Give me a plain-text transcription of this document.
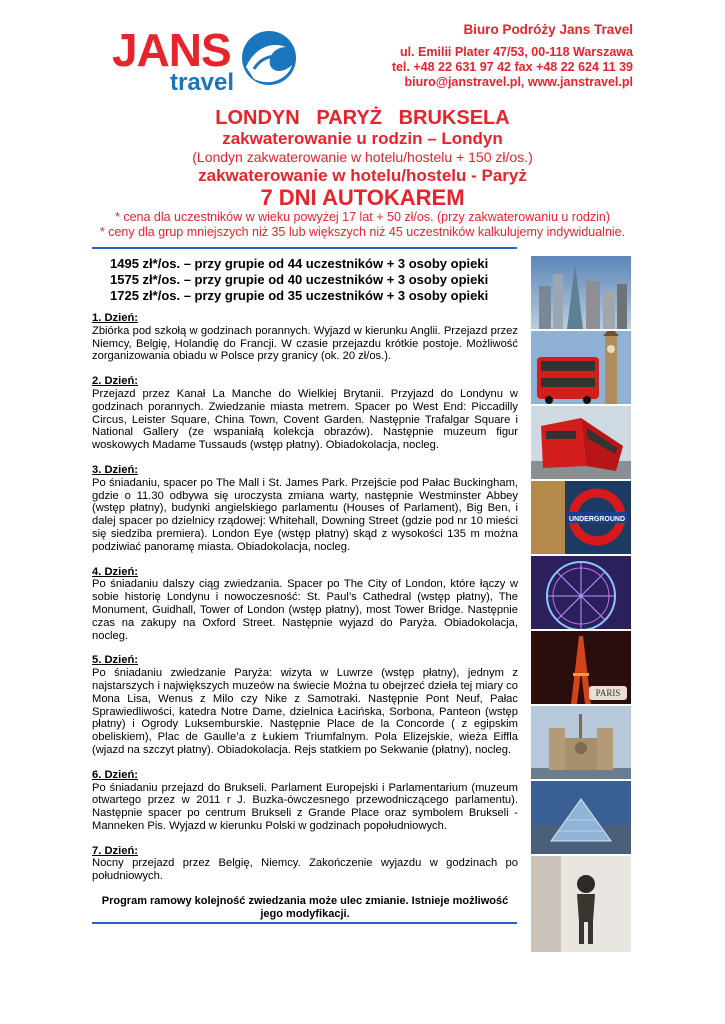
JANS
travel
Biuro Podróży Jans Travel
ul. Emilii Plater 47/53, 00-118 Warszawa
tel. +48 22 631 97 42 fax +48 22 624 11 39
biuro@janstravel.pl, www.janstravel.pl
LONDYN   PARYŻ   BRUKSELA
zakwaterowanie u rodzin – Londyn
(Londyn zakwaterowanie w hotelu/hostelu + 150 zł/os.)
zakwaterowanie w hotelu/hostelu - Paryż
7 DNI AUTOKAREM
* cena dla uczestników w wieku powyżej 17 lat + 50 zł/os. (przy zakwaterowaniu u rodzin)
* ceny dla grup mniejszych niż 35 lub większych niż 45 uczestników kalkulujemy indywidualnie.
1495 zł*/os. – przy grupie od 44 uczestników + 3 osoby opieki
1575 zł*/os. – przy grupie od 40 uczestników + 3 osoby opieki
1725 zł*/os. – przy grupie od 35 uczestników + 3 osoby opieki
1. Dzień:
Zbiórka pod szkołą w godzinach porannych. Wyjazd w kierunku Anglii. Przejazd przez Niemcy, Belgię, Holandię do Francji. W czasie przejazdu krótkie postoje. Możliwość zorganizowania obiadu w Polsce przy granicy (ok. 20 zł/os.).
2. Dzień:
Przejazd przez Kanał La Manche do Wielkiej Brytanii. Przyjazd do Londynu w godzinach porannych. Zwiedzanie miasta metrem. Spacer po West End: Piccadilly Circus, Leister Square, China Town, Covent Garden. Następnie Trafalgar Square i National Gallery (ze wspaniałą kolekcja obrazów). Następnie muzeum figur woskowych Madame Tussauds (wstęp płatny). Obiadokolacja, nocleg.
3. Dzień:
Po śniadaniu, spacer po The Mall i St. James Park. Przejście pod Pałac Buckingham, gdzie o 11.30 odbywa się uroczysta zmiana warty, następnie Westminster Abbey (wstęp płatny), budynki angielskiego parlamentu (Houses of Parlament), Big Ben, i dalej spacer po dzielnicy rządowej: Whitehall, Downing Street (gdzie pod nr 10 mieści się siedziba premiera). London Eye (wstęp płatny) skąd z wysokości 135 m można podziwiać panoramę miasta. Obiadokolacja, nocleg.
4. Dzień:
Po śniadaniu dalszy ciąg zwiedzania. Spacer po The City of London, które łączy w sobie historię Londynu i nowoczesność: St. Paul’s Cathedral (wstęp płatny), The Monument, Guidhall, Tower of London (wstęp płatny), most Tower Bridge. Następnie czas na zakupy na Oxford Street. Następnie wyjazd do Paryża. Obiadokolacja, nocleg.
5. Dzień:
Po śniadaniu zwiedzanie Paryża: wizyta w Luwrze (wstęp płatny), jednym z najstarszych i największych muzeów na świecie Można tu obejrzeć dzieła tej miary co Mona Lisa, Wenus z Milo czy Nike z Samotraki. Następnie Pont Neuf, Pałac Sprawiedliwości, katedra Notre Dame, dzielnica Łacińska, Sorbona, Panteon (wstęp płatny) i Ogrody Luksemburskie. Następnie Place de la Concorde ( z egipskim obeliskiem), Plac de Gaulle’a z Łukiem Triumfalnym. Pola Elizejskie, wieża Eiffla (wjazd na szczyt płatny). Obiadokolacja. Rejs statkiem po Sekwanie (płatny), nocleg.
6. Dzień:
Po śniadaniu przejazd do Brukseli. Parlament Europejski i Parlamentarium (muzeum otwartego przez w 2011 r J. Buzka-ówczesnego przewodniczącego parlamentu). Następnie spacer po centrum Brukseli z Grande Place oraz symbolem Brukseli - Manneken Pis. Wyjazd w kierunku Polski w godzinach popołudniowych.
7. Dzień:
Nocny przejazd przez Belgię, Niemcy. Zakończenie wyjazdu w godzinach po południowych.
Program ramowy kolejność zwiedzania może ulec zmianie. Istnieje możliwość jego modyfikacji.
UNDERGROUND
PARIS
